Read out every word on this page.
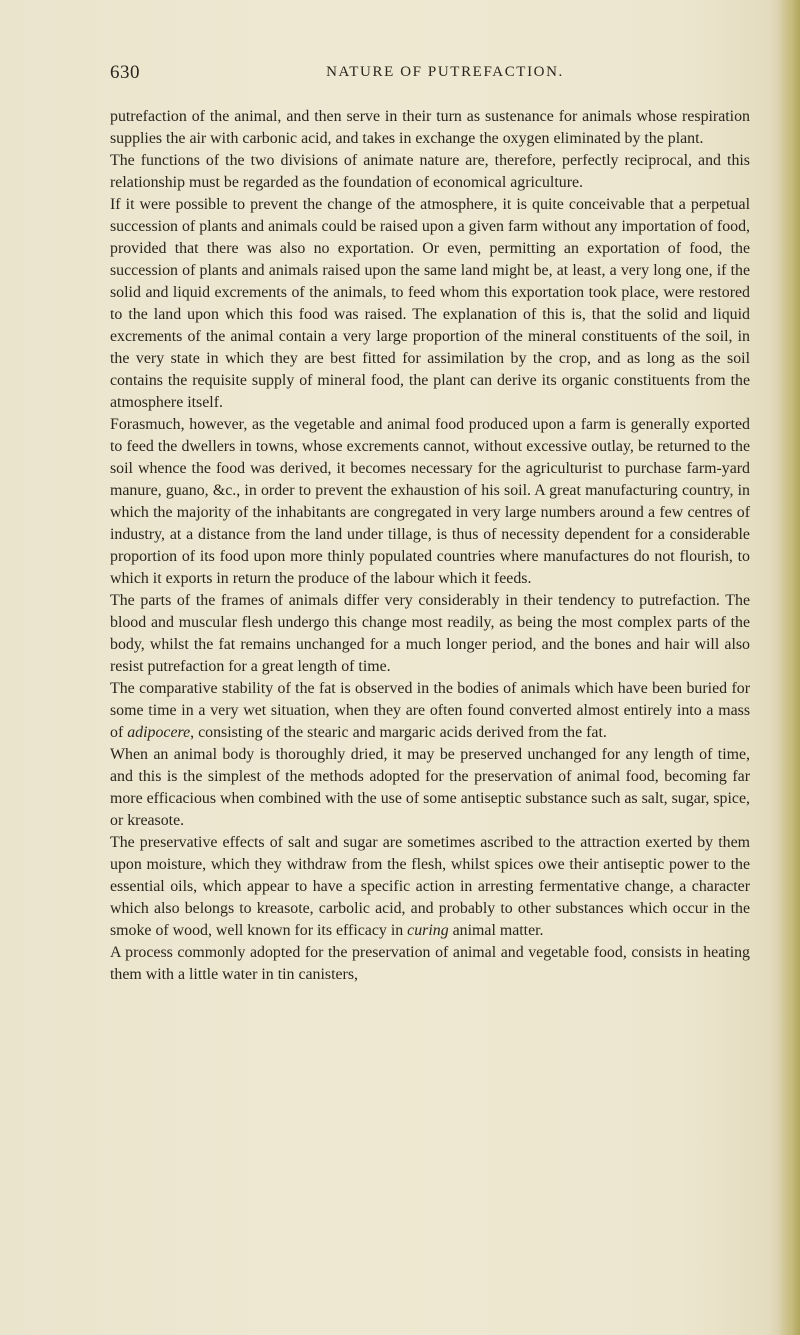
630	NATURE OF PUTREFACTION.

putrefaction of the animal, and then serve in their turn as sustenance for animals whose respiration supplies the air with carbonic acid, and takes in exchange the oxygen eliminated by the plant.

The functions of the two divisions of animate nature are, therefore, perfectly reciprocal, and this relationship must be regarded as the foundation of economical agriculture.

If it were possible to prevent the change of the atmosphere, it is quite conceivable that a perpetual succession of plants and animals could be raised upon a given farm without any importation of food, provided that there was also no exportation. Or even, permitting an exportation of food, the succession of plants and animals raised upon the same land might be, at least, a very long one, if the solid and liquid excrements of the animals, to feed whom this exportation took place, were restored to the land upon which this food was raised. The explanation of this is, that the solid and liquid excrements of the animal contain a very large proportion of the mineral constituents of the soil, in the very state in which they are best fitted for assimilation by the crop, and as long as the soil contains the requisite supply of mineral food, the plant can derive its organic constituents from the atmosphere itself.

Forasmuch, however, as the vegetable and animal food produced upon a farm is generally exported to feed the dwellers in towns, whose excrements cannot, without excessive outlay, be returned to the soil whence the food was derived, it becomes necessary for the agriculturist to purchase farm-yard manure, guano, &c., in order to prevent the exhaustion of his soil. A great manufacturing country, in which the majority of the inhabitants are congregated in very large numbers around a few centres of industry, at a distance from the land under tillage, is thus of necessity dependent for a considerable proportion of its food upon more thinly populated countries where manufactures do not flourish, to which it exports in return the produce of the labour which it feeds.

The parts of the frames of animals differ very considerably in their tendency to putrefaction. The blood and muscular flesh undergo this change most readily, as being the most complex parts of the body, whilst the fat remains unchanged for a much longer period, and the bones and hair will also resist putrefaction for a great length of time.

The comparative stability of the fat is observed in the bodies of animals which have been buried for some time in a very wet situation, when they are often found converted almost entirely into a mass of adipocere, consisting of the stearic and margaric acids derived from the fat.

When an animal body is thoroughly dried, it may be preserved unchanged for any length of time, and this is the simplest of the methods adopted for the preservation of animal food, becoming far more efficacious when combined with the use of some antiseptic substance such as salt, sugar, spice, or kreasote.

The preservative effects of salt and sugar are sometimes ascribed to the attraction exerted by them upon moisture, which they withdraw from the flesh, whilst spices owe their antiseptic power to the essential oils, which appear to have a specific action in arresting fermentative change, a character which also belongs to kreasote, carbolic acid, and probably to other substances which occur in the smoke of wood, well known for its efficacy in curing animal matter.

A process commonly adopted for the preservation of animal and vegetable food, consists in heating them with a little water in tin canisters,
